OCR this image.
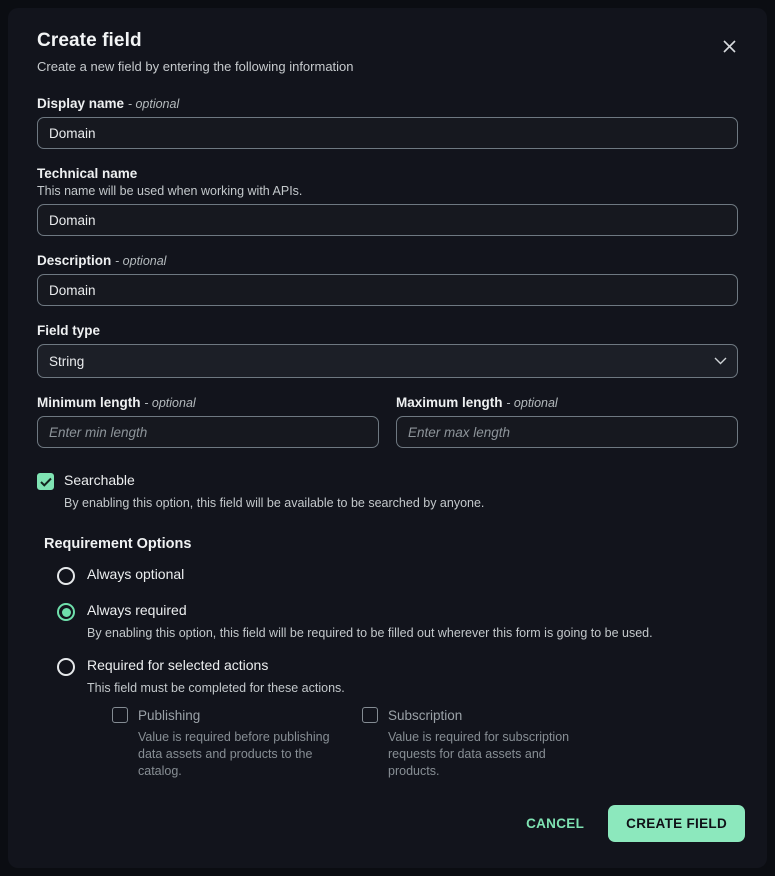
Create field
Create a new field by entering the following information
Display name - optional
Domain
Technical name
This name will be used when working with APIs.
Domain
Description - optional
Domain
Field type
String
Minimum length - optional
Enter min length	Maximum length - optional
Enter max length
Searchable
By enabling this option, this field will be available to be searched by anyone.
Requirement Options
Always optional
Always required
By enabling this option, this field will be required to be filled out wherever this form is going to be used.
Required for selected actions
This field must be completed for these actions.
Publishing
Value is required before publishing data assets and products to the catalog.
Subscription
Value is required for subscription requests for data assets and products.
CANCEL	CREATE FIELD
